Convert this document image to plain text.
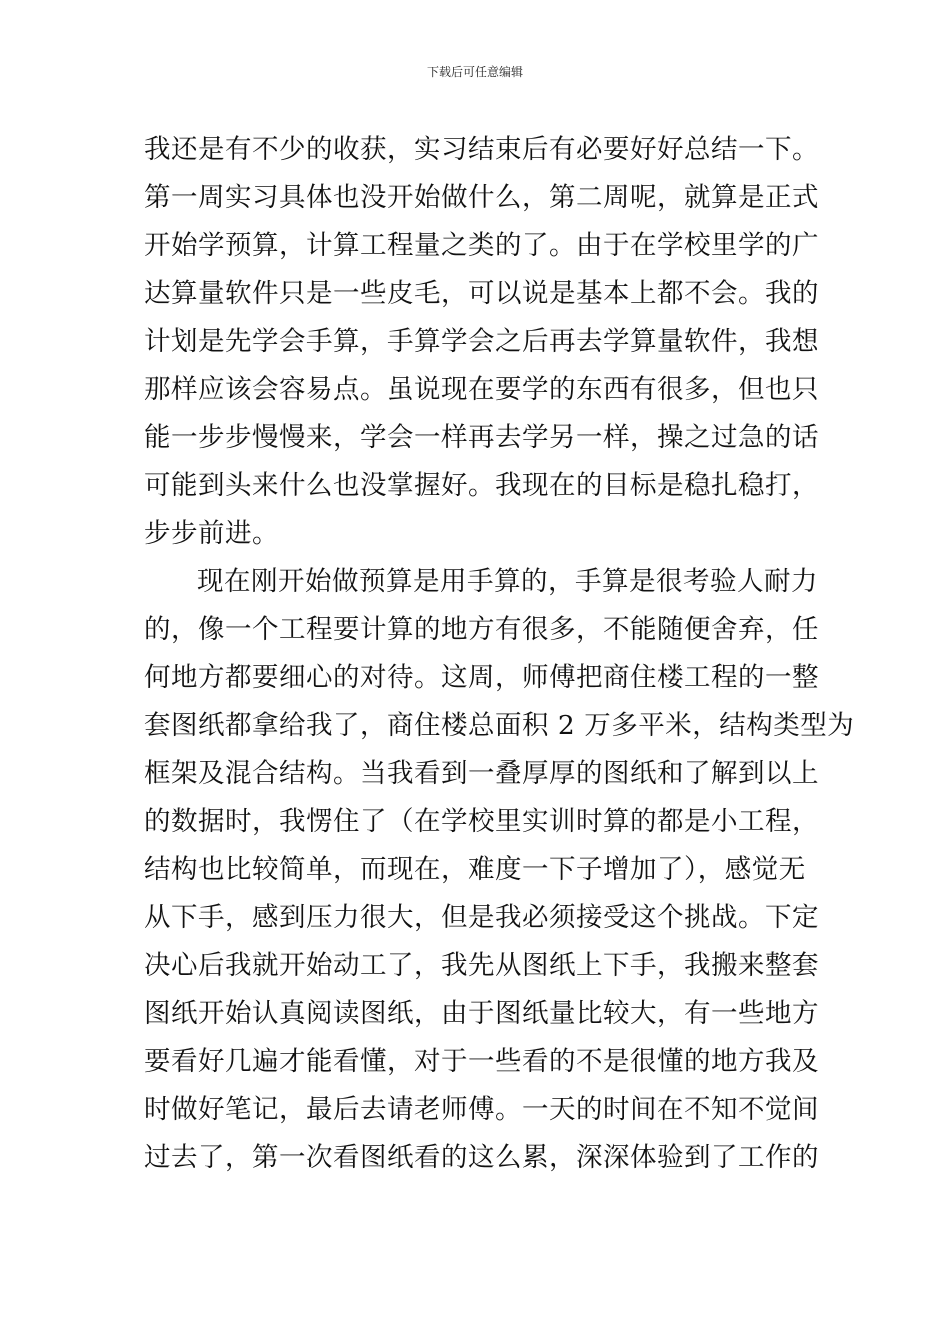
下载后可任意编辑
我还是有不少的收获，实习结束后有必要好好总结一下。
第一周实习具体也没开始做什么，第二周呢，就算是正式
开始学预算，计算工程量之类的了。由于在学校里学的广
达算量软件只是一些皮毛，可以说是基本上都不会。我的
计划是先学会手算，手算学会之后再去学算量软件，我想
那样应该会容易点。虽说现在要学的东西有很多，但也只
能一步步慢慢来，学会一样再去学另一样，操之过急的话
可能到头来什么也没掌握好。我现在的目标是稳扎稳打，
步步前进。
现在刚开始做预算是用手算的，手算是很考验人耐力
的，像一个工程要计算的地方有很多，不能随便舍弃，任
何地方都要细心的对待。这周，师傅把商住楼工程的一整
套图纸都拿给我了，商住楼总面积 2 万多平米，结构类型为
框架及混合结构。当我看到一叠厚厚的图纸和了解到以上
的数据时，我愣住了（在学校里实训时算的都是小工程，
结构也比较简单，而现在，难度一下子增加了），感觉无
从下手，感到压力很大，但是我必须接受这个挑战。下定
决心后我就开始动工了，我先从图纸上下手，我搬来整套
图纸开始认真阅读图纸，由于图纸量比较大，有一些地方
要看好几遍才能看懂，对于一些看的不是很懂的地方我及
时做好笔记，最后去请老师傅。一天的时间在不知不觉间
过去了，第一次看图纸看的这么累，深深体验到了工作的
